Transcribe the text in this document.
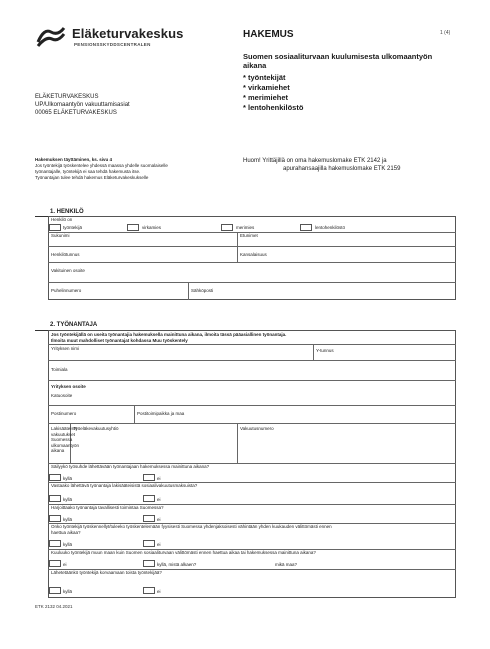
Eläketurvakeskus
PENSIONSSKYDDSCENTRALEN
HAKEMUS	1 (4)
Suomen sosiaaliturvaan kuulumisesta ulkomaantyön aikana
* työntekijät
* virkamiehet
* merimiehet
* lentohenkilöstö
ELÄKETURVAKESKUS
UP/Ulkomaantyön vakuuttamisasiat
00065 ELÄKETURVAKESKUS
Hakemuksen täyttäminen, ks. sivu 4
Jos työntekijä työskentelee yhdessä maassa yhdelle suomalaiselle
työnantajalle, työntekijä ei saa tehdä hakemusta itse.
Työnantajan tulee tehdä hakemus Eläketurvakeskukselle
Huom! Yrittäjillä on oma hakemuslomake ETK 2142 ja
apurahansaajilla hakemuslomake ETK 2159
1. HENKILÖ
Henkilö on
työntekijä	virkamies	merimies	lentohenkilöstö
Sukunimi	Etunimet
Henkilötunnus	Kansalaisuus
Vakituinen osoite
Puhelinnumero	Sähköposti
2. TYÖNANTAJA
Jos työntekijällä on useita työnantajia hakemuksella mainittuna aikana, ilmoita tässä pääasiallinen työnantaja.
Ilmoita muut mahdolliset työnantajat kohdassa Muu työskentely
Yrityksen nimi	Y-tunnus
Toimiala
Yrityksen osoite
Katuosoite
Postinumero	Postitoimipaikka ja maa
Lakisääteiset vakuutukset Suomessa ulkomaantyön aikana
Työeläkevakuutusyhtiö	Vakuutusnumero
Säilyykö työsuhde lähettävään työnantajaan hakemuksessa mainittuna aikana?
kyllä	ei
Vastaako lähettävä työnantaja lakisääteisistä sosiaalivakuutusmaksuista?
kyllä	ei
Harjoittaako työnantaja tavallisesti toimintaa Suomessa?
kyllä	ei
Onko työntekijä työskennellyt/tuleeko työskentelemään fyysisesti Suomessa yhdenjaksoisesti vähintään yhden kuukauden välittömästi ennen
haettua aikaa?
kyllä	ei
Kuuluuko työntekijä muun maan kuin Suomen sosiaaliturvaan välittömästi ennen haettua aikaa tai hakemuksessa mainittuna aikana?
ei	kyllä, mistä alkaen?	mikä maa?
Lähetetäänkö työntekijä korvaamaan toista työntekijää?
kyllä	ei
ETK 2132 04.2021
